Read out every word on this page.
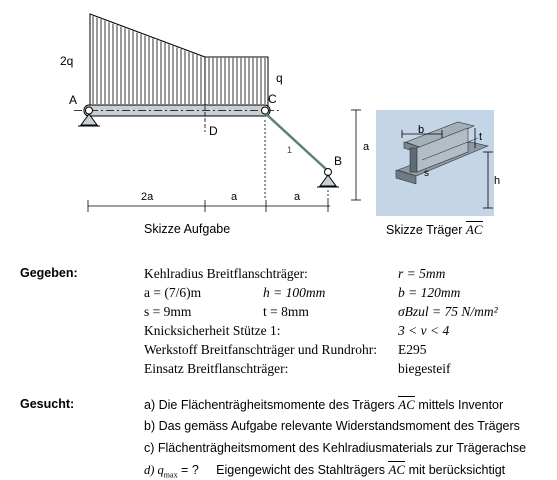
2q
q
A	C
D
B
1
2a	a	a
Skizze Aufgabe
a
b
t
s
h
Skizze Träger AC
Gegeben:	Kehlradius Breitflanschträger:	r = 5mm
a = (7/6)m	h = 100mm	b = 120mm
s = 9mm	t = 8mm	σBzul = 75 N/mm²
Knicksicherheit Stütze 1:	3 < ν < 4
Werkstoff Breitfanschträger und Rundrohr: E295
Einsatz Breitflanschträger:	biegesteif
Gesucht:	a) Die Flächenträgheitsmomente des Trägers AC mittels Inventor
b) Das gemäss Aufgabe relevante Widerstandsmoment des Trägers
c) Flächenträgheitsmoment des Kehlradiusmaterials zur Trägerachse
d) $q_{max}$ = ?     Eigengewicht des Stahlträgers AC mit berücksichtigt
